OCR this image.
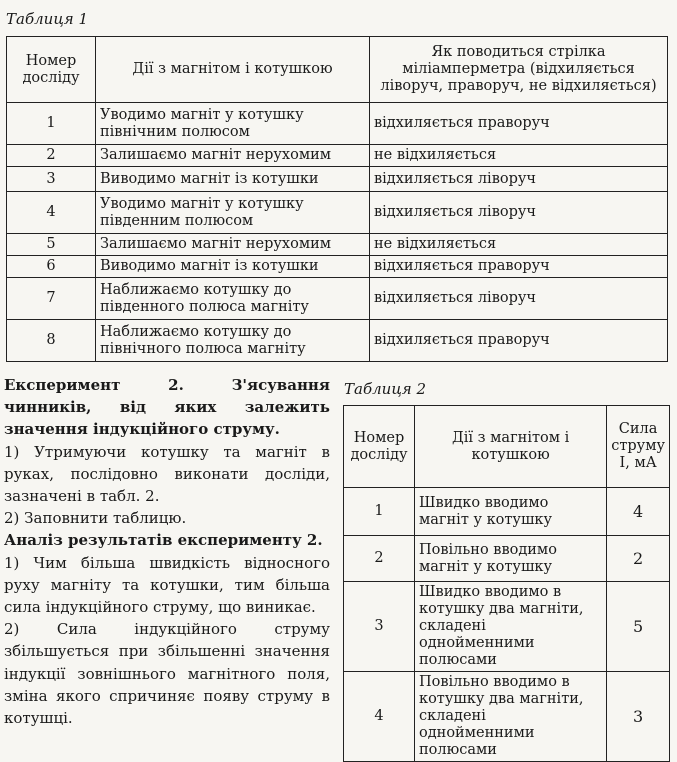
Таблиця 1
Номер досліду	Дії з магнітом і котушкою	Як поводиться стрілка міліамперметра (відхиляється ліворуч, праворуч, не відхиляється)
1	Уводимо магніт у котушку північним полюсом	відхиляється праворуч
2	Залишаємо магніт нерухомим	не відхиляється
3	Виводимо магніт із котушки	відхиляється ліворуч
4	Уводимо магніт у котушку південним полюсом	відхиляється ліворуч
5	Залишаємо магніт нерухомим	не відхиляється
6	Виводимо магніт із котушки	відхиляється праворуч
7	Наближаємо котушку до південного полюса магніту	відхиляється ліворуч
8	Наближаємо котушку до північного полюса магніту	відхиляється праворуч

Експеримент 2. З'ясування чинників, від яких залежить значення індукційного струму.

1) Утримуючи котушку та магніт в руках, послідовно виконати досліди, зазначені в табл. 2.

2) Заповнити таблицю.

Аналіз результатів експерименту 2.

1) Чим більша швидкість відносного руху магніту та котушки, тим більша сила індукційного струму, що виникає.

2) Сила індукційного струму збільшується при збільшенні значення індукції зовнішнього магнітного поля, зміна якого спричиняє появу струму в котушці.

Таблиця 2
Номер досліду	Дії з магнітом і котушкою	Сила струму I, мА
1	Швидко вводимо магніт у котушку	4
2	Повільно вводимо магніт у котушку	2
3	Швидко вводимо в котушку два магніти, складені однойменними полюсами	5
4	Повільно вводимо в котушку два магніти, складені однойменними полюсами	3
